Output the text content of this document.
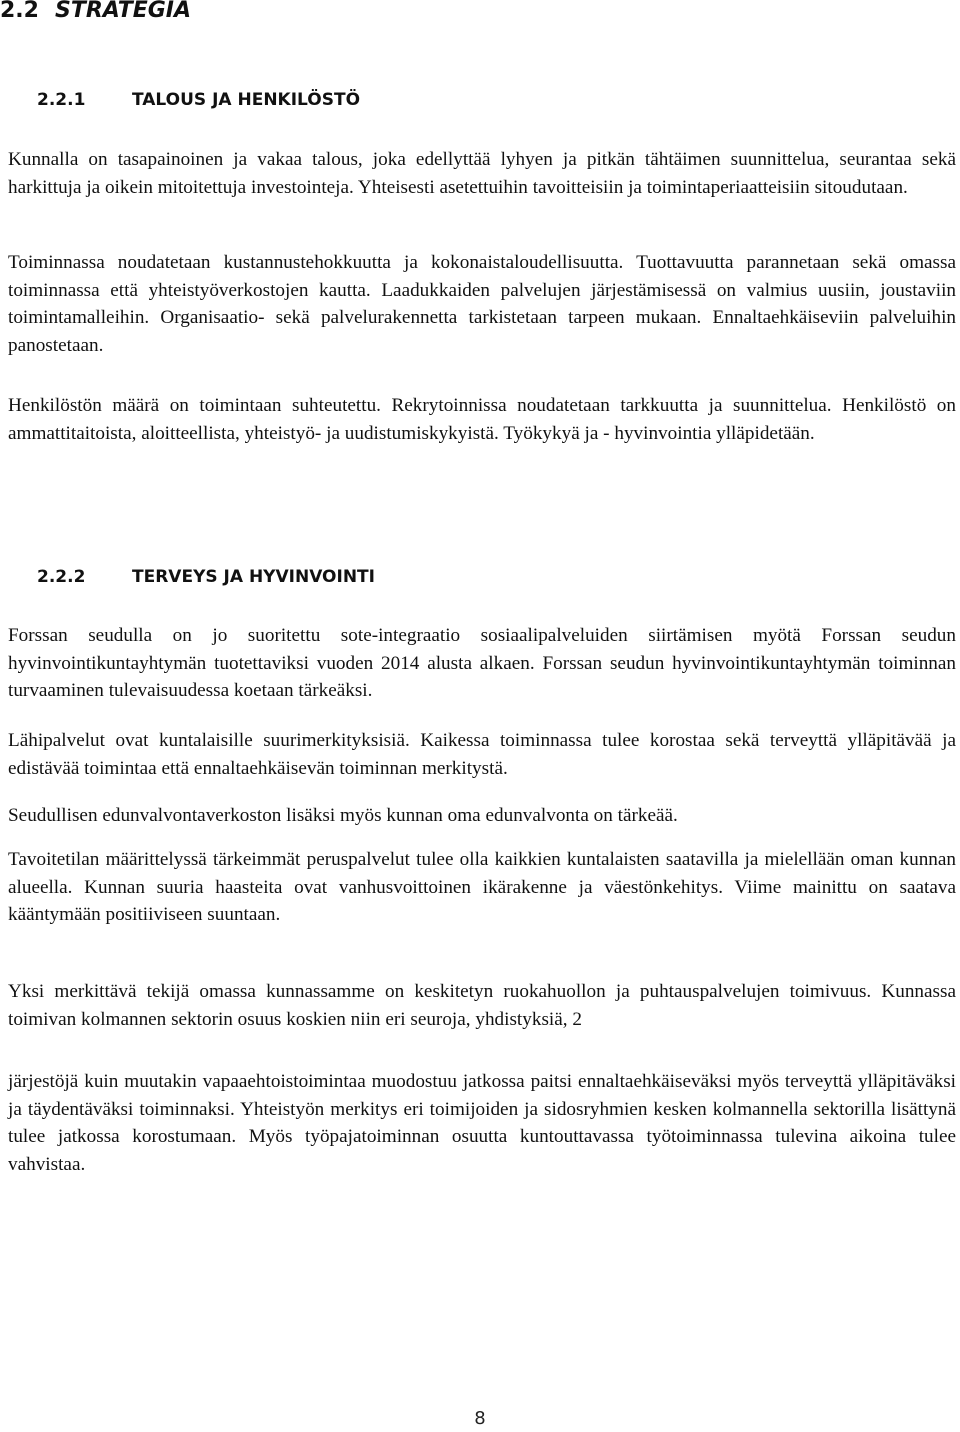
2.2 STRATEGIA
2.2.1	TALOUS JA HENKILÖSTÖ

Kunnalla on tasapainoinen ja vakaa talous, joka edellyttää lyhyen ja pitkän tähtäimen suunnittelua, seurantaa sekä harkittuja ja oikein mitoitettuja investointeja. Yhteisesti asetettuihin tavoitteisiin ja toimintaperiaatteisiin sitoudutaan.

Toiminnassa noudatetaan kustannustehokkuutta ja kokonaistaloudellisuutta. Tuottavuutta parannetaan sekä omassa toiminnassa että yhteistyöverkostojen kautta. Laadukkaiden palvelujen järjestämisessä on valmius uusiin, joustaviin toimintamalleihin. Organisaatio- sekä palvelurakennetta tarkistetaan tarpeen mukaan. Ennaltaehkäiseviin palveluihin panostetaan.

Henkilöstön määrä on toimintaan suhteutettu. Rekrytoinnissa noudatetaan tarkkuutta ja suunnittelua. Henkilöstö on ammattitaitoista, aloitteellista, yhteistyö- ja uudistumiskykyistä. Työkykyä ja - hyvinvointia ylläpidetään.

2.2.2	TERVEYS JA HYVINVOINTI

Forssan seudulla on jo suoritettu sote-integraatio sosiaalipalveluiden siirtämisen myötä Forssan seudun hyvinvointikuntayhtymän tuotettaviksi vuoden 2014 alusta alkaen. Forssan seudun hyvinvointikuntayhtymän toiminnan turvaaminen tulevaisuudessa koetaan tärkeäksi.

Lähipalvelut ovat kuntalaisille suurimerkityksisiä. Kaikessa toiminnassa tulee korostaa sekä terveyttä ylläpitävää ja edistävää toimintaa että ennaltaehkäisevän toiminnan merkitystä.

Seudullisen edunvalvontaverkoston lisäksi myös kunnan oma edunvalvonta on tärkeää.

Tavoitetilan määrittelyssä tärkeimmät peruspalvelut tulee olla kaikkien kuntalaisten saatavilla ja mielellään oman kunnan alueella. Kunnan suuria haasteita ovat vanhusvoittoinen ikärakenne ja väestönkehitys. Viime mainittu on saatava kääntymään positiiviseen suuntaan.

Yksi merkittävä tekijä omassa kunnassamme on keskitetyn ruokahuollon ja puhtauspalvelujen toimivuus. Kunnassa toimivan kolmannen sektorin osuus koskien niin eri seuroja, yhdistyksiä, 2

järjestöjä kuin muutakin vapaaehtoistoimintaa muodostuu jatkossa paitsi ennaltaehkäiseväksi myös terveyttä ylläpitäväksi ja täydentäväksi toiminnaksi. Yhteistyön merkitys eri toimijoiden ja sidosryhmien kesken kolmannella sektorilla lisättynä tulee jatkossa korostumaan. Myös työpajatoiminnan osuutta kuntouttavassa työtoiminnassa tulevina aikoina tulee vahvistaa.

8
